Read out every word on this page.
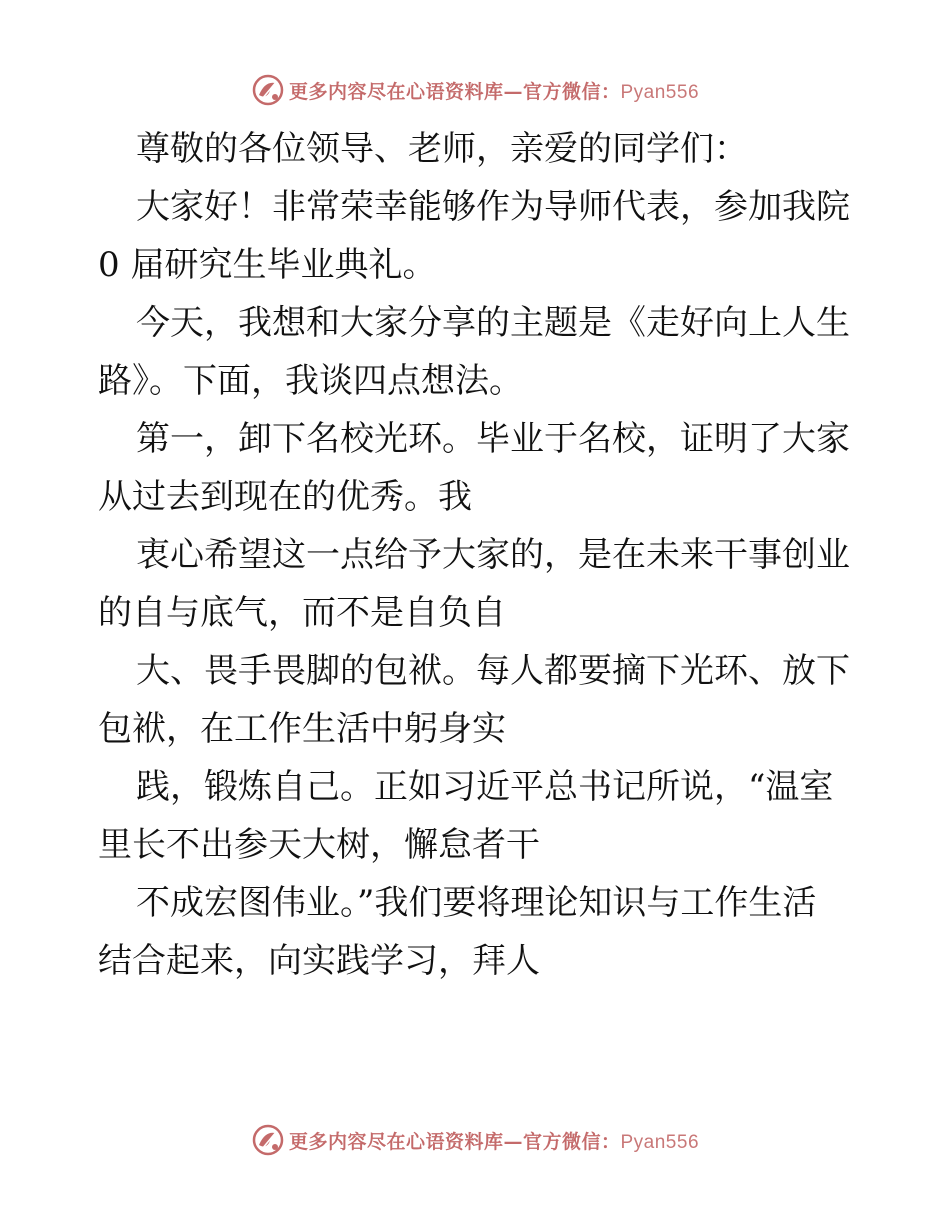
更多内容尽在心语资料库—官方微信：Pyan556

尊敬的各位领导、老师，亲爱的同学们：

大家好！非常荣幸能够作为导师代表，参加我院

0 届研究生毕业典礼。

今天，我想和大家分享的主题是《走好向上人生

路》。下面，我谈四点想法。

第一，卸下名校光环。毕业于名校，证明了大家

从过去到现在的优秀。我

衷心希望这一点给予大家的，是在未来干事创业

的自与底气，而不是自负自

大、畏手畏脚的包袱。每人都要摘下光环、放下

包袱，在工作生活中躬身实

践，锻炼自己。正如习近平总书记所说，“温室

里长不出参天大树，懈怠者干

不成宏图伟业。”我们要将理论知识与工作生活

结合起来，向实践学习，拜人

更多内容尽在心语资料库—官方微信：Pyan556
